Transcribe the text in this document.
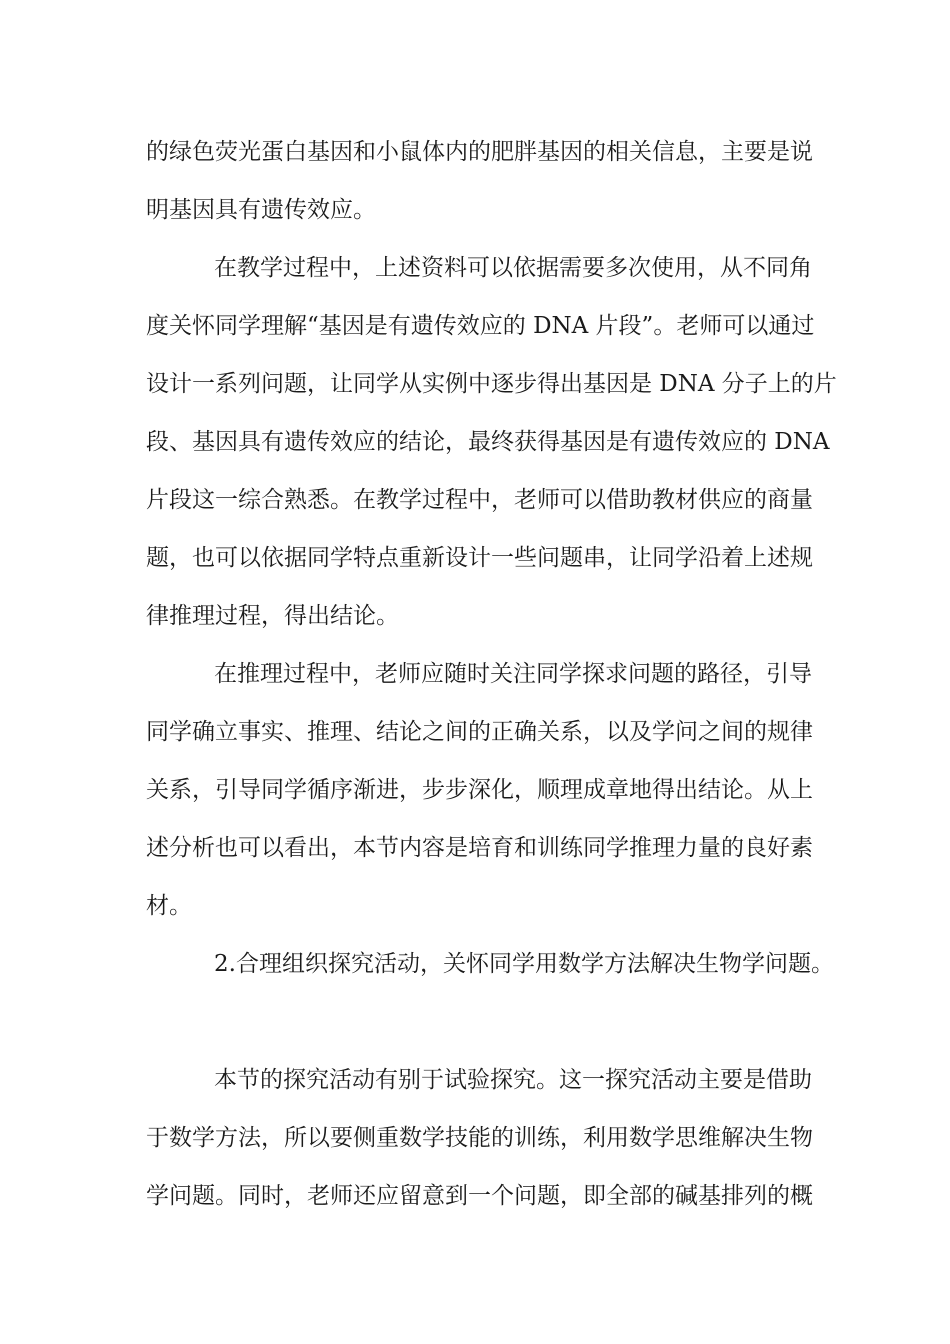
的绿色荧光蛋白基因和小鼠体内的肥胖基因的相关信息，主要是说
明基因具有遗传效应。
在教学过程中，上述资料可以依据需要多次使用，从不同角
度关怀同学理解“基因是有遗传效应的 DNA 片段”。老师可以通过
设计一系列问题，让同学从实例中逐步得出基因是 DNA 分子上的片
段、基因具有遗传效应的结论，最终获得基因是有遗传效应的 DNA
片段这一综合熟悉。在教学过程中，老师可以借助教材供应的商量
题，也可以依据同学特点重新设计一些问题串，让同学沿着上述规
律推理过程，得出结论。
在推理过程中，老师应随时关注同学探求问题的路径，引导
同学确立事实、推理、结论之间的正确关系，以及学问之间的规律
关系，引导同学循序渐进，步步深化，顺理成章地得出结论。从上
述分析也可以看出，本节内容是培育和训练同学推理力量的良好素
材。
2.合理组织探究活动，关怀同学用数学方法解决生物学问题。
本节的探究活动有别于试验探究。这一探究活动主要是借助
于数学方法，所以要侧重数学技能的训练，利用数学思维解决生物
学问题。同时，老师还应留意到一个问题，即全部的碱基排列的概
